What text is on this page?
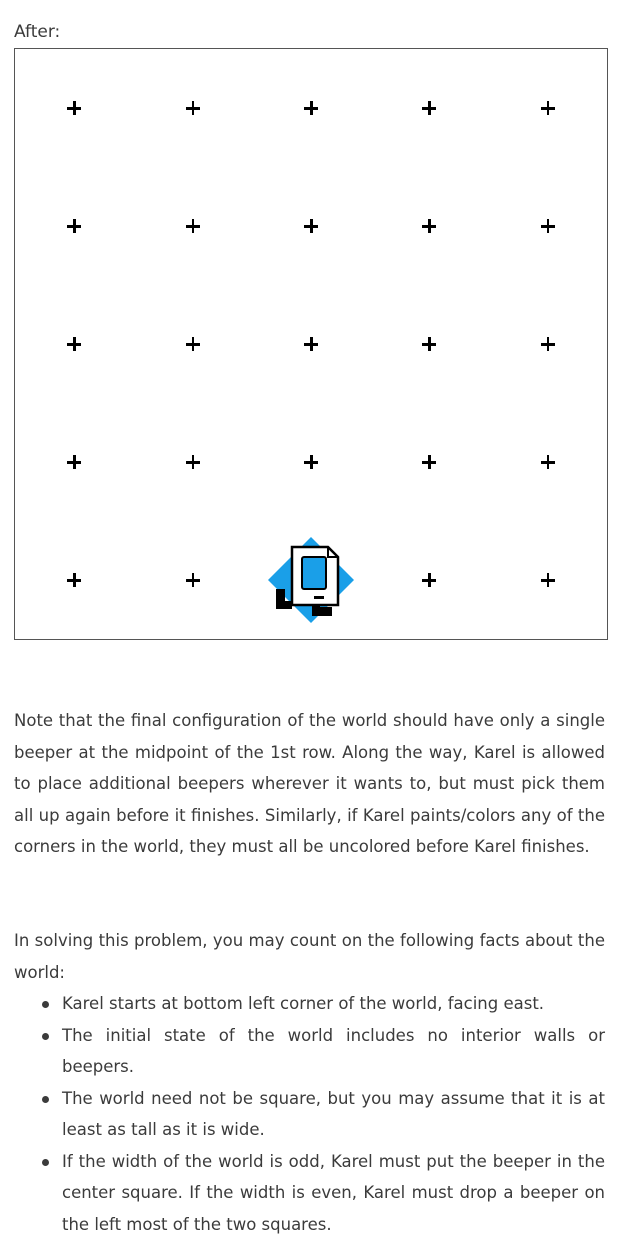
After:
Note that the final configuration of the world should have only a single beeper at the midpoint of the 1st row. Along the way, Karel is allowed to place additional beepers wherever it wants to, but must pick them all up again before it finishes. Similarly, if Karel paints/colors any of the corners in the world, they must all be uncolored before Karel finishes.
In solving this problem, you may count on the following facts about the world:
Karel starts at bottom left corner of the world, facing east.
The initial state of the world includes no interior walls or beepers.
The world need not be square, but you may assume that it is at least as tall as it is wide.
If the width of the world is odd, Karel must put the beeper in the center square. If the width is even, Karel must drop a beeper on the left most of the two squares.
